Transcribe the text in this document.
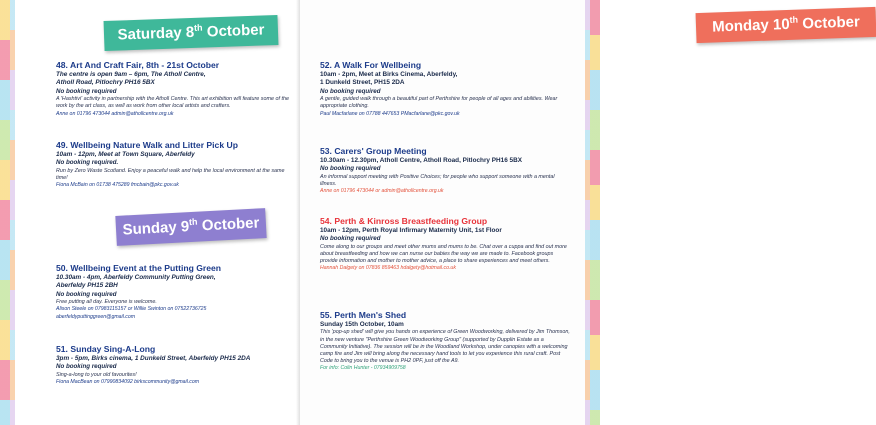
Saturday 8th October
48. Art And Craft Fair, 8th - 21st October

The centre is open 9am – 6pm, The Atholl Centre,

Atholl Road, Pitlochry PH16 5BX

No booking required

A 'Hashtivi' activity in partnership with the Atholl Centre. This art exhibition will feature some of the work by the art class, as well as work from other local artists and crafters.

Anne on 01796 473044 admin@athollcentre.org.uk

49. Wellbeing Nature Walk and Litter Pick Up

10am - 12pm, Meet at Town Square, Aberfeldy

No booking required.

Run by Zero Waste Scotland. Enjoy a peaceful walk and help the local environment at the same time!

Fiona McBain on 01738 475289 fmcbain@pkc.gov.uk

Sunday 9th October
50. Wellbeing Event at the Putting Green

10.30am - 4pm, Aberfeldy Community Putting Green,

Aberfeldy PH15 2BH

No booking required

Free putting all day. Everyone is welcome.

Alison Steele on 07983115157 or Willie Swinton on 07522736725

aberfeldyputtinggreen@gmail.com

51. Sunday Sing-A-Long

3pm - 5pm, Birks cinema, 1 Dunkeld Street, Aberfeldy PH15 2DA

No booking required

Sing-a-long to your old favourites!

Fiona MacBean on 07990834092 birkscommunity@gmail.com

52. A Walk For Wellbeing

10am - 2pm, Meet at Birks Cinema, Aberfeldy,

1 Dunkeld Street, PH15 2DA

No booking required

A gentle, guided walk through a beautiful part of Perthshire for people of all ages and abilities. Wear appropriate clothing.

Paul Macfarlane on 07788 447653 PMacfarlane@pkc.gov.uk

53. Carers' Group Meeting

10.30am - 12.30pm, Atholl Centre, Atholl Road, Pitlochry PH16 5BX

No booking required

An informal support meeting with Positive Choices; for people who support someone with a mental illness.

Anne on 01796 473044 or admin@athollcentre.org.uk

54. Perth & Kinross Breastfeeding Group

10am - 12pm, Perth Royal Infirmary Maternity Unit, 1st Floor

No booking required

Come along to our groups and meet other mums and mums to be. Chat over a cuppa and find out more about breastfeeding and how we can nurse our babies the way we are made to. Facebook groups provide information and mother to mother advice, a place to share experiences and meet others.

Hannah Dalgety on 07836 859463 hdalgety@hotmail.co.uk

55. Perth Men's Shed

Sunday 15th October, 10am

This 'pop-up shed' will give you hands on experience of Green Woodworking, delivered by Jim Thomson, in the new venture "Perthshire Green Woodworking Group" (supported by Dupplin Estate as a Community Initiative). The session will be in the Woodland Workshop, under canopies with a welcoming camp fire and Jim will bring along the necessary hand tools to let you experience this rural craft. Post Code to bring you to the venue is PH2 0PF, just off the A9.

For info: Colin Hunter - 07934909758

Monday 10th October
